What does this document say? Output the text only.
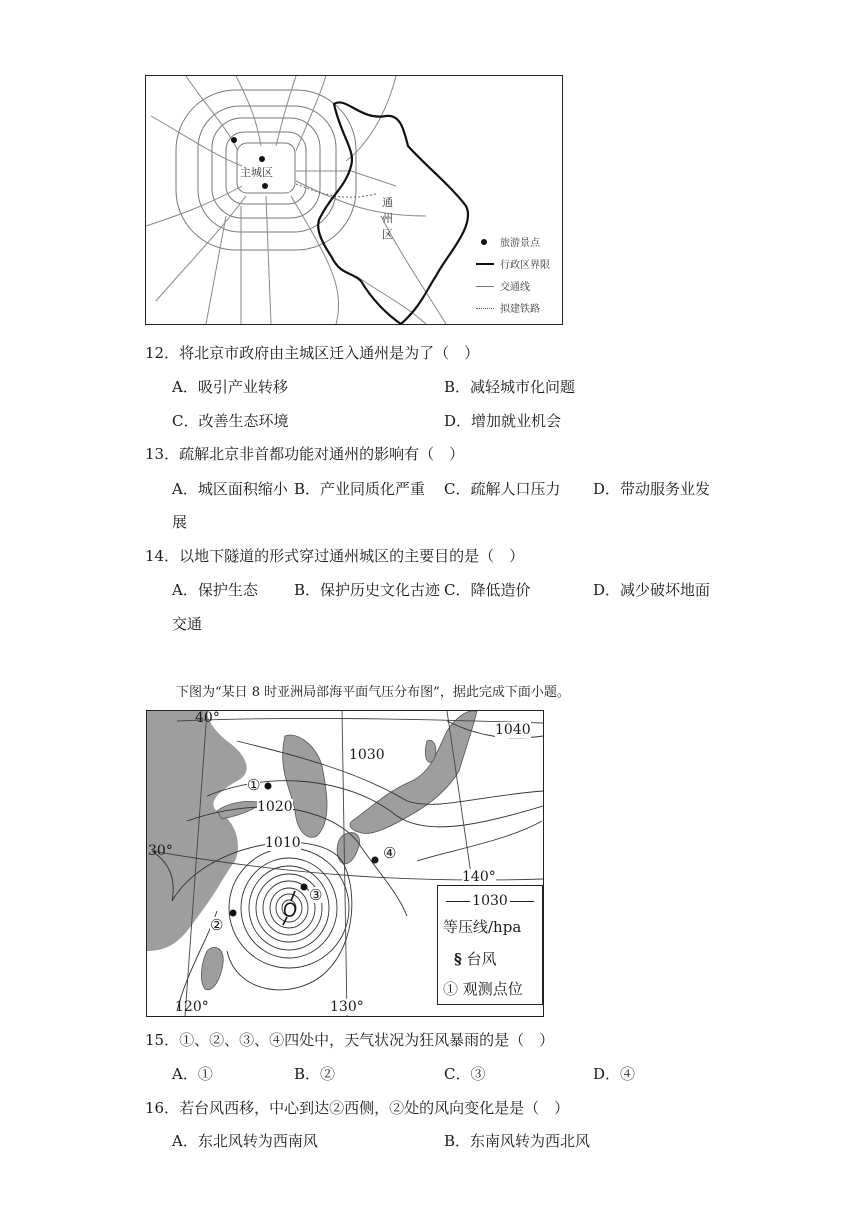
主城区
通
州
区
旅游景点
行政区界限
交通线
拟建铁路
12．将北京市政府由主城区迁入通州是为了（　）
A．吸引产业转移	B．减轻城市化问题
C．改善生态环境	D．增加就业机会
13．疏解北京非首都功能对通州的影响有（　）
A．城区面积缩小 B．产业同质化严重 C．疏解人口压力 D．带动服务业发
展
14．以地下隧道的形式穿过通州城区的主要目的是（　）
A．保护生态 B．保护历史文化古迹 C．降低造价	D．减少破坏地面
交通
下图为“某日 8 时亚洲局部海平面气压分布图”，据此完成下面小题。
1040
1030
1020
1010
40°
30°
120°	130°
140°
①
②
③
④
1030
等压线/hpa
§ 台风
① 观测点位
15．①、②、③、④四处中，天气状况为狂风暴雨的是（　）
A．①	B．②	C．③	D．④
16．若台风西移，中心到达②西侧，②处的风向变化是是（　）
A．东北风转为西南风	B．东南风转为西北风
